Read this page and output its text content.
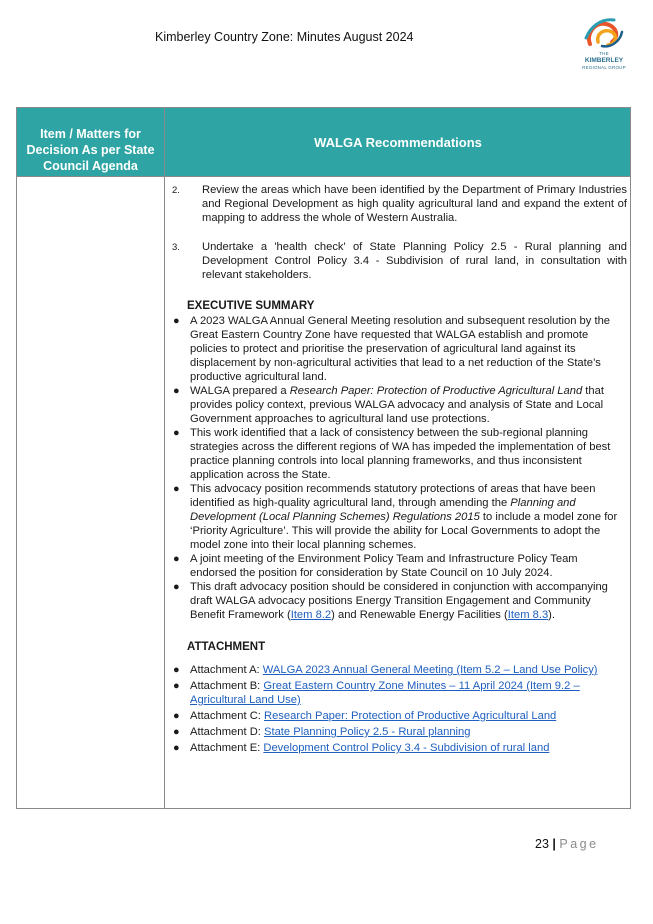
Kimberley Country Zone: Minutes August 2024
THE
KIMBERLEY
REGIONAL GROUP
Item / Matters for Decision As per State Council Agenda
WALGA Recommendations
2. Review the areas which have been identified by the Department of Primary Industries and Regional Development as high quality agricultural land and expand the extent of mapping to address the whole of Western Australia.
3. Undertake a 'health check' of State Planning Policy 2.5 - Rural planning and Development Control Policy 3.4 - Subdivision of rural land, in consultation with relevant stakeholders.
EXECUTIVE SUMMARY
● A 2023 WALGA Annual General Meeting resolution and subsequent resolution by the Great Eastern Country Zone have requested that WALGA establish and promote policies to protect and prioritise the preservation of agricultural land against its displacement by non-agricultural activities that lead to a net reduction of the State’s productive agricultural land.
● WALGA prepared a Research Paper: Protection of Productive Agricultural Land that provides policy context, previous WALGA advocacy and analysis of State and Local Government approaches to agricultural land use protections.
● This work identified that a lack of consistency between the sub-regional planning strategies across the different regions of WA has impeded the implementation of best practice planning controls into local planning frameworks, and thus inconsistent application across the State.
● This advocacy position recommends statutory protections of areas that have been identified as high-quality agricultural land, through amending the Planning and Development (Local Planning Schemes) Regulations 2015 to include a model zone for ‘Priority Agriculture’. This will provide the ability for Local Governments to adopt the model zone into their local planning schemes.
● A joint meeting of the Environment Policy Team and Infrastructure Policy Team endorsed the position for consideration by State Council on 10 July 2024.
● This draft advocacy position should be considered in conjunction with accompanying draft WALGA advocacy positions Energy Transition Engagement and Community Benefit Framework (Item 8.2) and Renewable Energy Facilities (Item 8.3).
ATTACHMENT
● Attachment A: WALGA 2023 Annual General Meeting (Item 5.2 – Land Use Policy)
● Attachment B: Great Eastern Country Zone Minutes – 11 April 2024 (Item 9.2 – Agricultural Land Use)
● Attachment C: Research Paper: Protection of Productive Agricultural Land
● Attachment D: State Planning Policy 2.5 - Rural planning
● Attachment E: Development Control Policy 3.4 - Subdivision of rural land
23 | Page
